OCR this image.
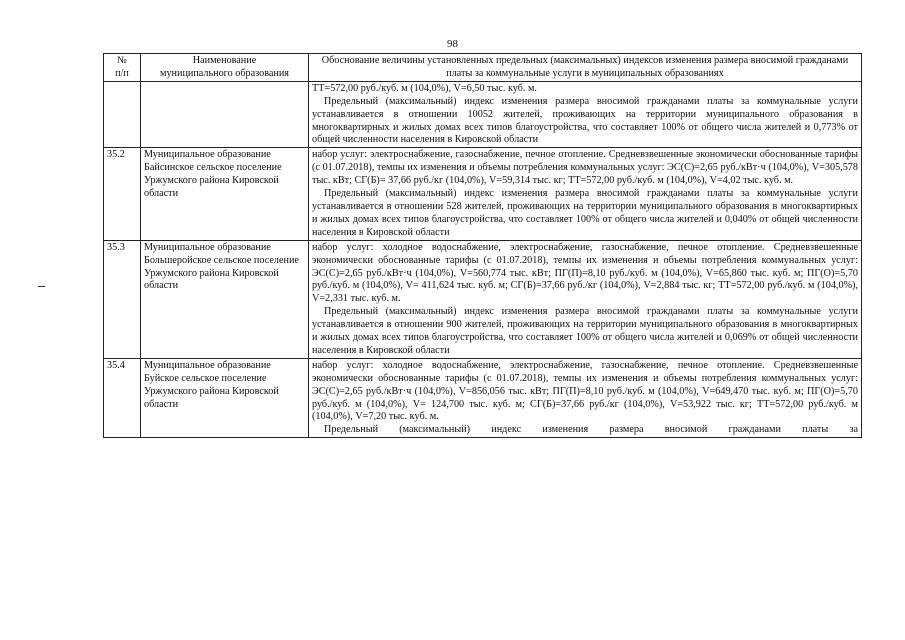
98
№ п/п	Наименование муниципального образования	Обоснование величины установленных предельных (максимальных) индексов изменения размера вносимой гражданами платы за коммунальные услуги в муниципальных образованиях

		ТТ=572,00 руб./куб. м (104,0%), V=6,50 тыс. куб. м.

Предельный (максимальный) индекс изменения размера вносимой гражданами платы за коммунальные услуги устанавливается в отношении 10052 жителей, проживающих на территории муниципального образования в многоквартирных и жилых домах всех типов благоустройства, что составляет 100% от общего числа жителей и 0,773% от общей численности населения в Кировской области

35.2	Муниципальное образование Байсинское сельское поселение Уржумского района Кировской области	набор услуг: электроснабжение, газоснабжение, печное отопление. Средневзвешенные экономически обоснованные тарифы (с 01.07.2018), темпы их изменения и объемы потребления коммунальных услуг: ЭС(С)=2,65 руб./кВт·ч (104,0%), V=305,578 тыс. кВт; СГ(Б)= 37,66 руб./кг (104,0%), V=59,314 тыс. кг; ТТ=572,00 руб./куб. м (104,0%), V=4,02 тыс. куб. м.

Предельный (максимальный) индекс изменения размера вносимой гражданами платы за коммунальные услуги устанавливается в отношении 528 жителей, проживающих на территории муниципального образования в многоквартирных и жилых домах всех типов благоустройства, что составляет 100% от общего числа жителей и 0,040% от общей численности населения в Кировской области

35.3	Муниципальное образование Большеройское сельское поселение Уржумского района Кировской области	набор услуг: холодное водоснабжение, электроснабжение, газоснабжение, печное отопление. Средневзвешенные экономически обоснованные тарифы (с 01.07.2018), темпы их изменения и объемы потребления коммунальных услуг: ЭС(С)=2,65 руб./кВт·ч (104,0%), V=560,774 тыс. кВт; ПГ(П)=8,10 руб./куб. м (104,0%), V=65,860 тыс. куб. м; ПГ(О)=5,70 руб./куб. м (104,0%), V= 411,624 тыс. куб. м; СГ(Б)=37,66 руб./кг (104,0%), V=2,884 тыс. кг; ТТ=572,00 руб./куб. м (104,0%), V=2,331 тыс. куб. м.

Предельный (максимальный) индекс изменения размера вносимой гражданами платы за коммунальные услуги устанавливается в отношении 900 жителей, проживающих на территории муниципального образования в многоквартирных и жилых домах всех типов благоустройства, что составляет 100% от общего числа жителей и 0,069% от общей численности населения в Кировской области

35.4	Муниципальное образование Буйское сельское поселение Уржумского района Кировской области	набор услуг: холодное водоснабжение, электроснабжение, газоснабжение, печное отопление. Средневзвешенные экономически обоснованные тарифы (с 01.07.2018), темпы их изменения и объемы потребления коммунальных услуг: ЭС(С)=2,65 руб./кВт·ч (104,0%), V=856,056 тыс. кВт; ПГ(П)=8,10 руб./куб. м (104,0%), V=649,470 тыс. куб. м; ПГ(О)=5,70 руб./куб. м (104,0%), V= 124,700 тыс. куб. м; СГ(Б)=37,66 руб./кг (104,0%), V=53,922 тыс. кг; ТТ=572,00 руб./куб. м (104,0%), V=7,20 тыс. куб. м.

Предельный (максимальный) индекс изменения размера вносимой гражданами платы за
